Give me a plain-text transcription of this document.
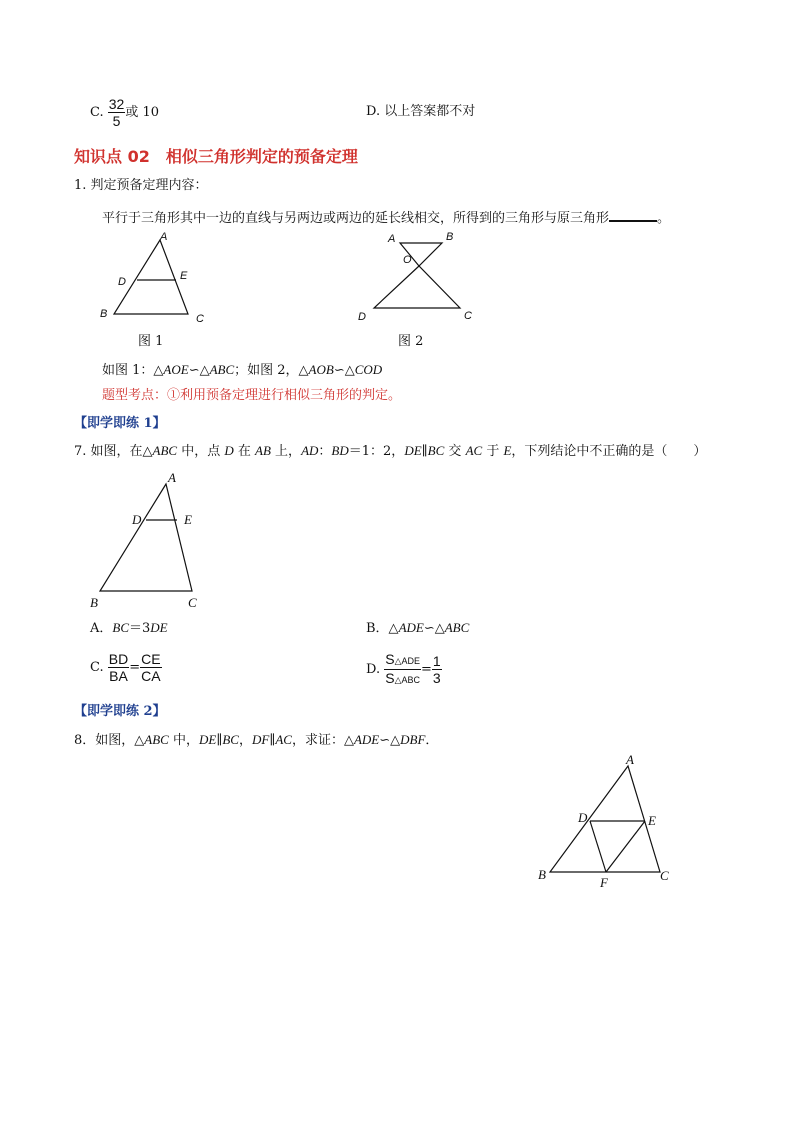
C. $\frac{32}{5}$ 或 10	D. 以上答案都不对
知识点 02　相似三角形判定的预备定理
1. 判定预备定理内容：
平行于三角形其中一边的直线与另两边或两边的延长线相交，所得到的三角形与原三角形	。
A
D	E
B	C
图 1
A	B
O
D	C
图 2
如图 1：△AOE∽△ABC；如图 2，△AOB∽△COD
题型考点：①利用预备定理进行相似三角形的判定。
【即学即练 1】
7. 如图，在△ABC 中，点 D 在 AB 上，AD：BD＝1：2，DE∥BC 交 AC 于 E，下列结论中不正确的是（　　）
A
D	E
B	C
A．BC＝3DE	B．△ADE∽△ABC
C. $\frac{BD}{BA} = \frac{CE}{CA}$	D. $\frac{\text{S△ADE}}{\text{S△ABC}} = \frac{1}{3}$
【即学即练 2】
8．如图，△ABC 中，DE∥BC，DF∥AC，求证：△ADE∽△DBF．
A
D	E
B	C
F
